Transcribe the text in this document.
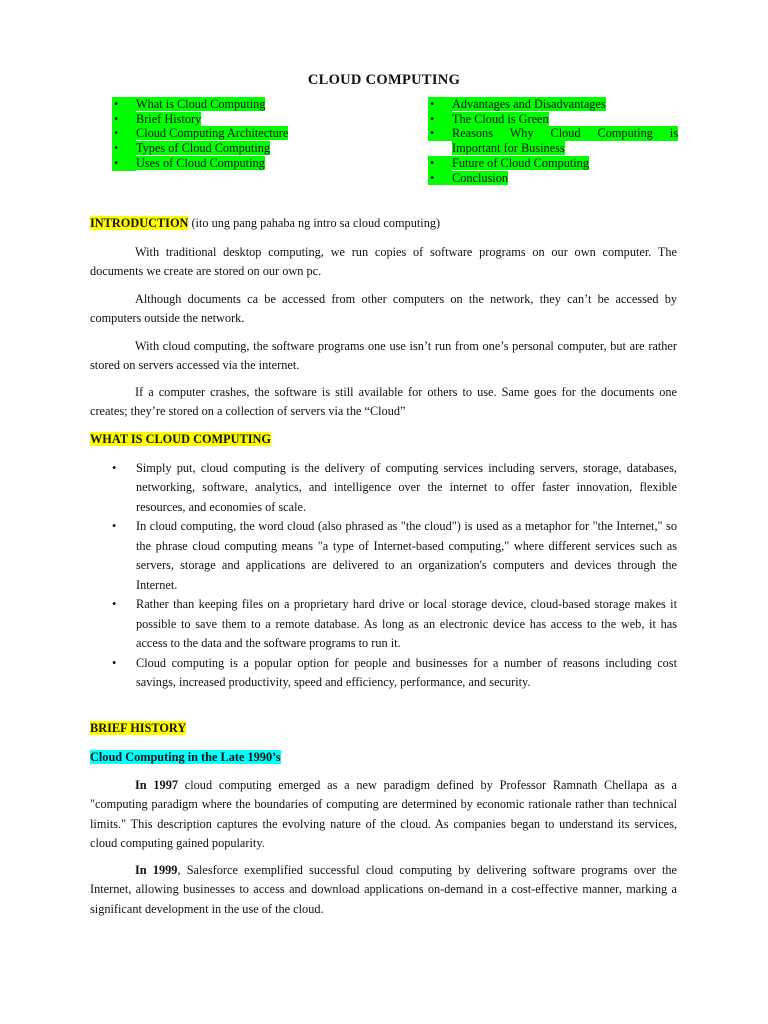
CLOUD COMPUTING
•	What is Cloud Computing
•	Brief History
•	Cloud Computing Architecture
•	Types of Cloud Computing
•	Uses of Cloud Computing
•	Advantages and Disadvantages
•	The Cloud is Green
•	Reasons Why Cloud Computing is
Important for Business
•	Future of Cloud Computing
•	Conclusion

INTRODUCTION (ito ung pang pahaba ng intro sa cloud computing)

With traditional desktop computing, we run copies of software programs on our own computer. The documents we create are stored on our own pc.

Although documents ca be accessed from other computers on the network, they can’t be accessed by computers outside the network.

With cloud computing, the software programs one use isn’t run from one’s personal computer, but are rather stored on servers accessed via the internet.

If a computer crashes, the software is still available for others to use. Same goes for the documents one creates; they’re stored on a collection of servers via the “Cloud”

WHAT IS CLOUD COMPUTING

• Simply put, cloud computing is the delivery of computing services including servers, storage, databases, networking, software, analytics, and intelligence over the internet to offer faster innovation, flexible resources, and economies of scale.
• In cloud computing, the word cloud (also phrased as "the cloud") is used as a metaphor for "the Internet," so the phrase cloud computing means "a type of Internet-based computing," where different services such as servers, storage and applications are delivered to an organization's computers and devices through the Internet.
• Rather than keeping files on a proprietary hard drive or local storage device, cloud-based storage makes it possible to save them to a remote database. As long as an electronic device has access to the web, it has access to the data and the software programs to run it.
• Cloud computing is a popular option for people and businesses for a number of reasons including cost savings, increased productivity, speed and efficiency, performance, and security.

BRIEF HISTORY

Cloud Computing in the Late 1990’s

In 1997 cloud computing emerged as a new paradigm defined by Professor Ramnath Chellapa as a "computing paradigm where the boundaries of computing are determined by economic rationale rather than technical limits." This description captures the evolving nature of the cloud. As companies began to understand its services, cloud computing gained popularity.

In 1999, Salesforce exemplified successful cloud computing by delivering software programs over the Internet, allowing businesses to access and download applications on-demand in a cost-effective manner, marking a significant development in the use of the cloud.
